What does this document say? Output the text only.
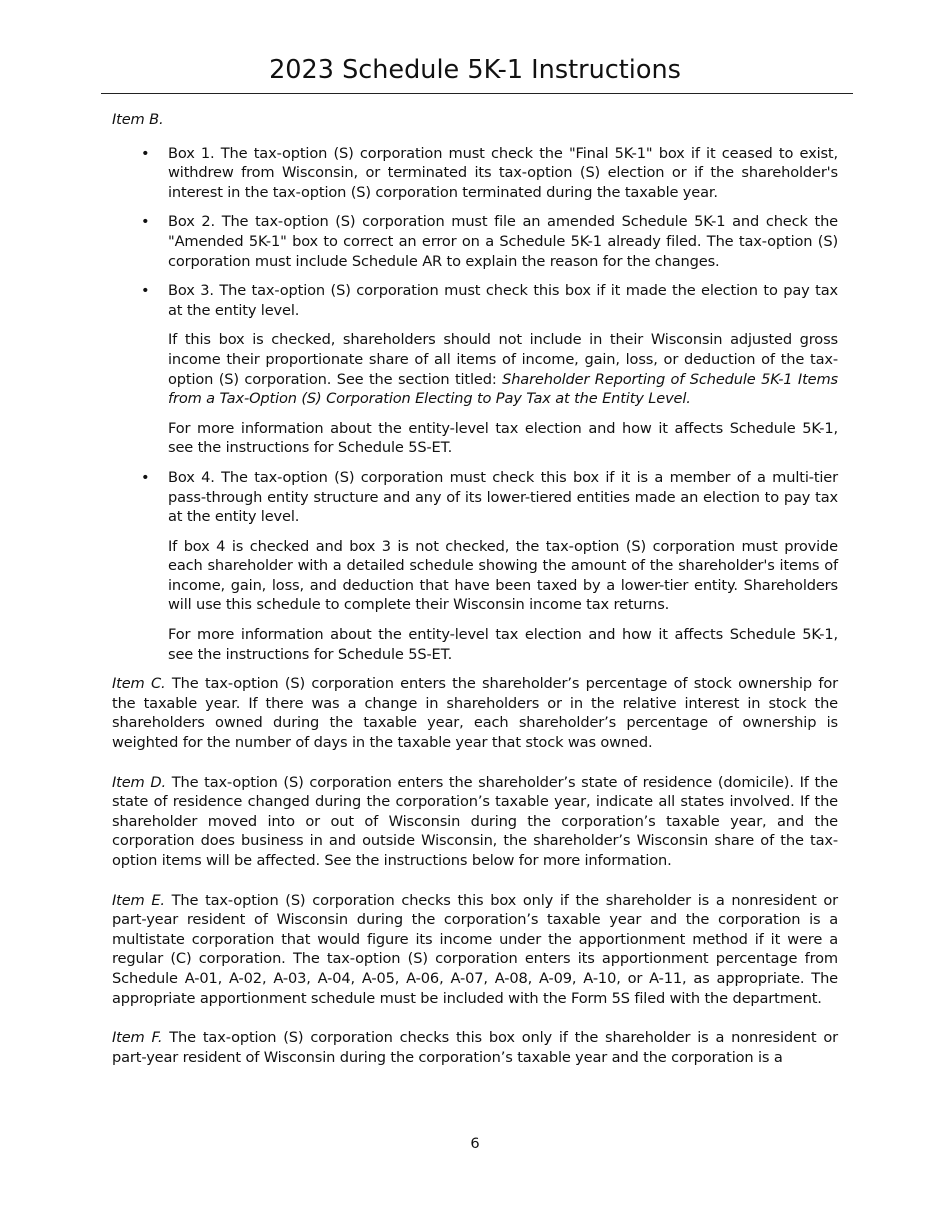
2023 Schedule 5K-1 Instructions

Item B.

• Box 1. The tax-option (S) corporation must check the "Final 5K-1" box if it ceased to exist, withdrew from Wisconsin, or terminated its tax-option (S) election or if the shareholder's interest in the tax-option (S) corporation terminated during the taxable year.

• Box 2. The tax-option (S) corporation must file an amended Schedule 5K-1 and check the "Amended 5K-1" box to correct an error on a Schedule 5K-1 already filed. The tax-option (S) corporation must include Schedule AR to explain the reason for the changes.

• Box 3. The tax-option (S) corporation must check this box if it made the election to pay tax at the entity level.

If this box is checked, shareholders should not include in their Wisconsin adjusted gross income their proportionate share of all items of income, gain, loss, or deduction of the tax-option (S) corporation. See the section titled: Shareholder Reporting of Schedule 5K-1 Items from a Tax-Option (S) Corporation Electing to Pay Tax at the Entity Level.

For more information about the entity-level tax election and how it affects Schedule 5K-1, see the instructions for Schedule 5S-ET.

• Box 4. The tax-option (S) corporation must check this box if it is a member of a multi-tier pass-through entity structure and any of its lower-tiered entities made an election to pay tax at the entity level.

If box 4 is checked and box 3 is not checked, the tax-option (S) corporation must provide each shareholder with a detailed schedule showing the amount of the shareholder's items of income, gain, loss, and deduction that have been taxed by a lower-tier entity. Shareholders will use this schedule to complete their Wisconsin income tax returns.

For more information about the entity-level tax election and how it affects Schedule 5K-1, see the instructions for Schedule 5S-ET.

Item C. The tax-option (S) corporation enters the shareholder’s percentage of stock ownership for the taxable year. If there was a change in shareholders or in the relative interest in stock the shareholders owned during the taxable year, each shareholder’s percentage of ownership is weighted for the number of days in the taxable year that stock was owned.

Item D. The tax-option (S) corporation enters the shareholder’s state of residence (domicile). If the state of residence changed during the corporation’s taxable year, indicate all states involved. If the shareholder moved into or out of Wisconsin during the corporation’s taxable year, and the corporation does business in and outside Wisconsin, the shareholder’s Wisconsin share of the tax-option items will be affected. See the instructions below for more information.

Item E. The tax-option (S) corporation checks this box only if the shareholder is a nonresident or part-year resident of Wisconsin during the corporation’s taxable year and the corporation is a multistate corporation that would figure its income under the apportionment method if it were a regular (C) corporation. The tax-option (S) corporation enters its apportionment percentage from Schedule A-01, A-02, A-03, A-04, A-05, A-06, A-07, A-08, A-09, A-10, or A-11, as appropriate. The appropriate apportionment schedule must be included with the Form 5S filed with the department.

Item F. The tax-option (S) corporation checks this box only if the shareholder is a nonresident or part-year resident of Wisconsin during the corporation’s taxable year and the corporation is a

6
